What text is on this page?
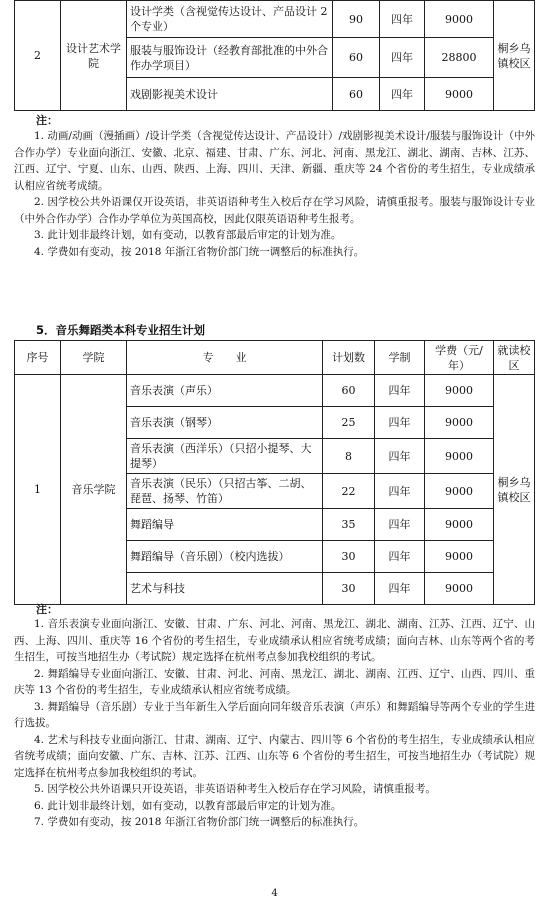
2	设计艺术学院	设计学类（含视觉传达设计、产品设计 2 个专业）	90	四年	9000	桐乡乌镇校区
		服装与服饰设计（经教育部批准的中外合作办学项目）	60	四年	28800	
		戏剧影视美术设计	60	四年	9000	
注：

1. 动画/动画（漫插画）/设计学类（含视觉传达设计、产品设计）/戏剧影视美术设计/服装与服饰设计（中外合作办学）专业面向浙江、安徽、北京、福建、甘肃、广东、河北、河南、黑龙江、湖北、湖南、吉林、江苏、江西、辽宁、宁夏、山东、山西、陕西、上海、四川、天津、新疆、重庆等 24 个省份的考生招生，专业成绩承认相应省统考成绩。

2. 因学校公共外语课仅开设英语，非英语语种考生入校后存在学习风险，请慎重报考。服装与服饰设计专业（中外合作办学）合作办学单位为英国高校，因此仅限英语语种考生报考。

3. 此计划非最终计划，如有变动，以教育部最后审定的计划为准。

4. 学费如有变动，按 2018 年浙江省物价部门统一调整后的标准执行。

5．音乐舞蹈类本科专业招生计划
序号	学院	专　　业	计划数	学制	学费（元/年）	就读校区
1	音乐学院	音乐表演（声乐）	60	四年	9000	桐乡乌镇校区
		音乐表演（钢琴）	25	四年	9000	
		音乐表演（西洋乐）（只招小提琴、大提琴）	8	四年	9000	
		音乐表演（民乐）（只招古筝、二胡、琵琶、扬琴、竹笛）	22	四年	9000	
		舞蹈编导	35	四年	9000	
		舞蹈编导（音乐剧）（校内选拔）	30	四年	9000	
		艺术与科技	30	四年	9000	
注：

1. 音乐表演专业面向浙江、安徽、甘肃、广东、河北、河南、黑龙江、湖北、湖南、江苏、江西、辽宁、山西、上海、四川、重庆等 16 个省份的考生招生，专业成绩承认相应省统考成绩；面向吉林、山东等两个省的考生招生，可按当地招生办（考试院）规定选择在杭州考点参加我校组织的考试。

2. 舞蹈编导专业面向浙江、安徽、甘肃、河北、河南、黑龙江、湖北、湖南、江西、辽宁、山西、四川、重庆等 13 个省份的考生招生，专业成绩承认相应省统考成绩。

3. 舞蹈编导（音乐剧）专业于当年新生入学后面向同年级音乐表演（声乐）和舞蹈编导等两个专业的学生进行选拔。

4. 艺术与科技专业面向浙江、甘肃、湖南、辽宁、内蒙古、四川等 6 个省份的考生招生，专业成绩承认相应省统考成绩；面向安徽、广东、吉林、江苏、江西、山东等 6 个省份的考生招生，可按当地招生办（考试院）规定选择在杭州考点参加我校组织的考试。

5. 因学校公共外语课只开设英语，非英语语种考生入校后存在学习风险，请慎重报考。

6. 此计划非最终计划，如有变动，以教育部最后审定的计划为准。

7. 学费如有变动，按 2018 年浙江省物价部门统一调整后的标准执行。

4
